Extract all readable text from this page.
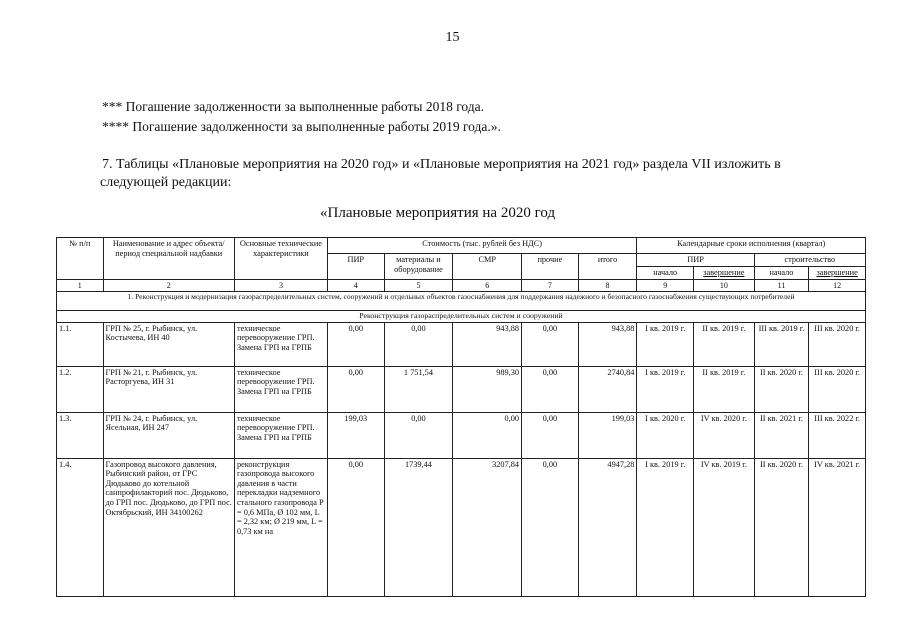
15
*** Погашение задолженности за выполненные работы 2018 года.
**** Погашение задолженности за выполненные работы 2019 года.».
7. Таблицы «Плановые мероприятия на 2020 год» и «Плановые мероприятия на 2021 год» раздела VII изложить в
следующей редакции:
«Плановые мероприятия на 2020 год
№ п/п	Наименование и адрес объекта/ период специальной надбавки	Основные технические характеристики	Стоимость (тыс. рублей без НДС)					Календарные сроки исполнения (квартал)			
			ПИР	материалы и оборудование	СМР	прочие	итого	ПИР		строительство	
								начало	завершение	начало	завершение
1	2	3	4	5	6	7	8	9	10	11	12
1. Реконструкция и модернизация газораспределительных систем, сооружений и отдельных объектов газоснабжения для поддержания надежного и безопасного газоснабжения существующих потребителей											
Реконструкция газораспределительных систем и сооружений											
1.1.	ГРП № 25, г. Рыбинск, ул. Костычева, ИН 40	техническое перевооружение ГРП. Замена ГРП на ГРПБ	0,00	0,00	943,88	0,00	943,88	I кв. 2019 г.	II кв. 2019 г.	III кв. 2019 г.	III кв. 2020 г.
1.2.	ГРП № 21, г. Рыбинск, ул. Расторгуева, ИН 31	техническое перевооружение ГРП. Замена ГРП на ГРПБ	0,00	1 751,54	989,30	0,00	2740,84	I кв. 2019 г.	II кв. 2019 г.	II кв. 2020 г.	III кв. 2020 г.
1.3.	ГРП № 24, г. Рыбинск, ул. Ясельная, ИН 247	техническое перевооружение ГРП. Замена ГРП на ГРПБ	199,03	0,00	0,00	0,00	199,03	I кв. 2020 г.	IV кв. 2020 г.	II кв. 2021 г.	III кв. 2022 г.
1.4.	Газопровод высокого давления, Рыбинский район, от ГРС Дюдьково до котельной санпрофилакторий пос. Дюдьково, до ГРП пос. Дюдьково, до ГРП пос. Октябрьский, ИН 34100262	реконструкция газопровода высокого давления в части перекладки надземного стального газопровода P = 0,6 МПа, Ø 102 мм, L = 2,32 км; Ø 219 мм, L = 0,73 км на	0,00	1739,44	3207,84	0,00	4947,28	I кв. 2019 г.	IV кв. 2019 г.	II кв. 2020 г.	IV кв. 2021 г.
